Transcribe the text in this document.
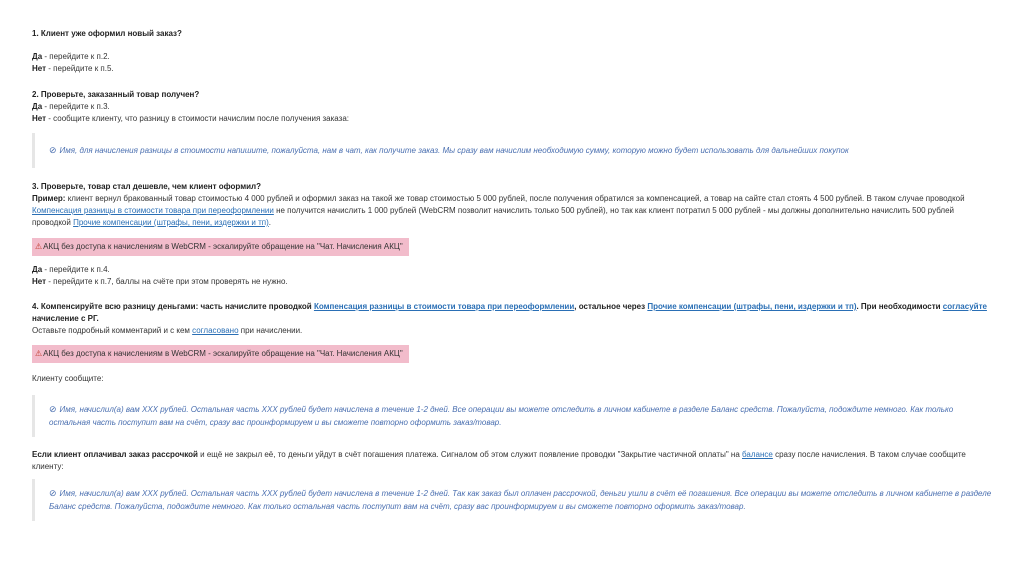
1. Клиент уже оформил новый заказ?
Да - перейдите к п.2.
Нет - перейдите к п.5.
2. Проверьте, заказанный товар получен?
Да - перейдите к п.3.
Нет - сообщите клиенту, что разницу в стоимости начислим после получения заказа:
⊘ Имя, для начисления разницы в стоимости напишите, пожалуйста, нам в чат, как получите заказ. Мы сразу вам начислим необходимую сумму, которую можно будет использовать для дальнейших покупок
3. Проверьте, товар стал дешевле, чем клиент оформил?
Пример: клиент вернул бракованный товар стоимостью 4 000 рублей и оформил заказ на такой же товар стоимостью 5 000 рублей, после получения обратился за компенсацией, а товар на сайте стал стоять 4 500 рублей. В таком случае проводкой Компенсация разницы в стоимости товара при переоформлении не получится начислить 1 000 рублей (WebCRM позволит начислить только 500 рублей), но так как клиент потратил 5 000 рублей - мы должны дополнительно начислить 500 рублей проводкой Прочие компенсации (штрафы, пени, издержки и тп).
⚠АКЦ без доступа к начислениям в WebCRM - эскалируйте обращение на "Чат. Начисления АКЦ"
Да - перейдите к п.4.
Нет - перейдите к п.7, баллы на счёте при этом проверять не нужно.
4. Компенсируйте всю разницу деньгами: часть начислите проводкой Компенсация разницы в стоимости товара при переоформлении, остальное через Прочие компенсации (штрафы, пени, издержки и тп). При необходимости согласуйте начисление с РГ.
Оставьте подробный комментарий и с кем согласовано при начислении.
⚠АКЦ без доступа к начислениям в WebCRM - эскалируйте обращение на "Чат. Начисления АКЦ"
Клиенту сообщите:
⊘ Имя, начислил(а) вам ХХХ рублей. Остальная часть ХХХ рублей будет начислена в течение 1-2 дней. Все операции вы можете отследить в личном кабинете в разделе Баланс средств. Пожалуйста, подождите немного. Как только остальная часть поступит вам на счёт, сразу вас проинформируем и вы сможете повторно оформить заказ/товар.
Если клиент оплачивал заказ рассрочкой и ещё не закрыл её, то деньги уйдут в счёт погашения платежа. Сигналом об этом служит появление проводки "Закрытие частичной оплаты" на балансе сразу после начисления. В таком случае сообщите клиенту:
⊘ Имя, начислил(а) вам ХХХ рублей. Остальная часть ХХХ рублей будет начислена в течение 1-2 дней. Так как заказ был оплачен рассрочкой, деньги ушли в счёт её погашения. Все операции вы можете отследить в личном кабинете в разделе Баланс средств. Пожалуйста, подождите немного. Как только остальная часть поступит вам на счёт, сразу вас проинформируем и вы сможете повторно оформить заказ/товар.
